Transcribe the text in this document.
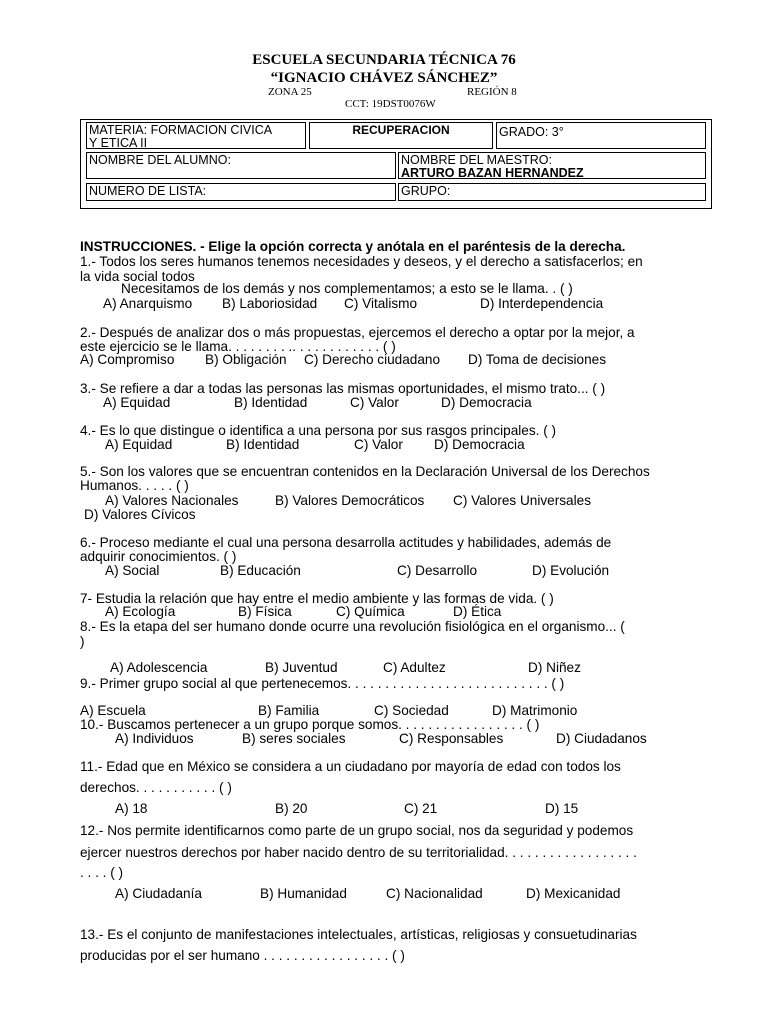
ESCUELA SECUNDARIA TÉCNICA 76
“IGNACIO CHÁVEZ SÁNCHEZ”
ZONA 25	REGIÓN 8
CCT: 19DST0076W
MATERIA: FORMACION CIVICA
Y ETICA II
RECUPERACION	GRADO: 3°
NOMBRE DEL ALUMNO:	NOMBRE DEL MAESTRO:
ARTURO BAZAN HERNANDEZ
NUMERO DE LISTA:	GRUPO:
INSTRUCCIONES. - Elige la opción correcta y anótala en el paréntesis de la derecha.
1.- Todos los seres humanos tenemos necesidades y deseos, y el derecho a satisfacerlos; en
la vida social todos
Necesitamos de los demás y nos complementamos; a esto se le llama. . ( )
A) Anarquismo B) Laboriosidad C) Vitalismo	D) Interdependencia
2.- Después de analizar dos o más propuestas, ejercemos el derecho a optar por la mejor, a
este ejercicio se le llama. . . . . . . . .. . . . . . . . . . . . ( )
A) Compromiso B) Obligación C) Derecho ciudadano D) Toma de decisiones
3.- Se refiere a dar a todas las personas las mismas oportunidades, el mismo trato... ( )
A) Equidad	B) Identidad	C) Valor	D) Democracia
4.- Es lo que distingue o identifica a una persona por sus rasgos principales. ( )
A) Equidad	B) Identidad	C) Valor D) Democracia
5.- Son los valores que se encuentran contenidos en la Declaración Universal de los Derechos
Humanos. . . . . ( )
A) Valores Nacionales	B) Valores Democráticos C) Valores Universales
D) Valores Cívicos
6.- Proceso mediante el cual una persona desarrolla actitudes y habilidades, además de
adquirir conocimientos. ( )
A) Social	B) Educación	C) Desarrollo	D) Evolución
7- Estudia la relación que hay entre el medio ambiente y las formas de vida. ( )
A) Ecología	B) Física	C) Química	D) Ética
8.- Es la etapa del ser humano donde ocurre una revolución fisiológica en el organismo... (
)
A) Adolescencia	B) Juventud	C) Adultez	D) Niñez
9.- Primer grupo social al que pertenecemos. . . . . . . . . . . . . . . . . . . . . . . . . . . ( )
A) Escuela	B) Familia	C) Sociedad	D) Matrimonio
10.- Buscamos pertenecer a un grupo porque somos. . . . . . . . . . . . . . . . . ( )
A) Individuos	B) seres sociales	C) Responsables	D) Ciudadanos
11.- Edad que en México se considera a un ciudadano por mayoría de edad con todos los
derechos. . . . . . . . . . . ( )
A) 18	B) 20	C) 21	D) 15
12.- Nos permite identificarnos como parte de un grupo social, nos da seguridad y podemos
ejercer nuestros derechos por haber nacido dentro de su territorialidad. . . . . . . . . . . . . . . . . .
. . . . ( )
A) Ciudadanía	B) Humanidad	C) Nacionalidad	D) Mexicanidad
13.- Es el conjunto de manifestaciones intelectuales, artísticas, religiosas y consuetudinarias
producidas por el ser humano . . . . . . . . . . . . . . . . . ( )
